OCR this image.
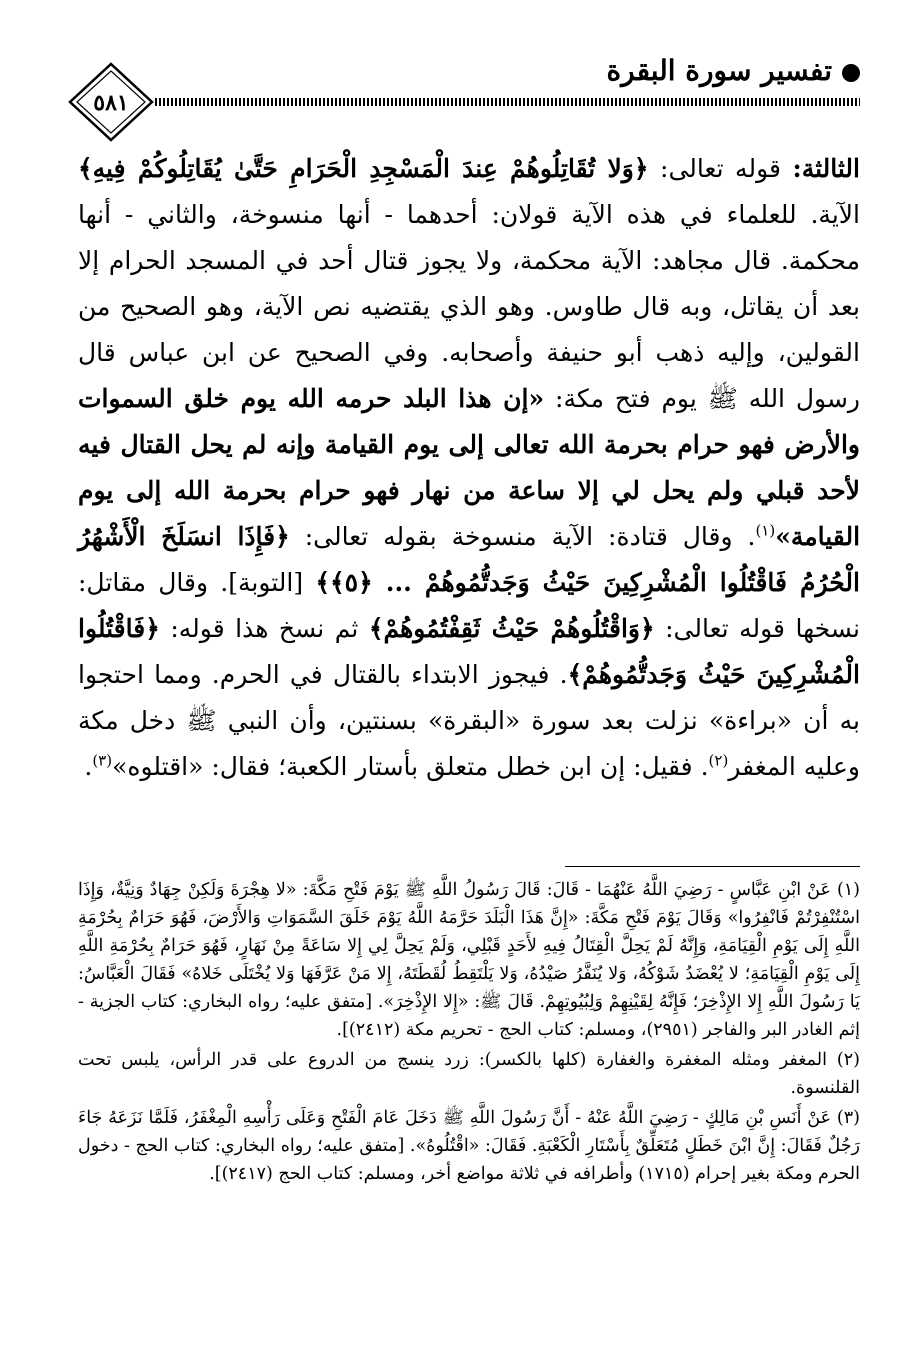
تفسير سورة البقرة
٥٨١

الثالثة: قوله تعالى: ﴿وَلا تُقَاتِلُوهُمْ عِندَ الْمَسْجِدِ الْحَرَامِ حَتَّىٰ يُقَاتِلُوكُمْ فِيهِ﴾ الآية. للعلماء في هذه الآية قولان: أحدهما - أنها منسوخة، والثاني - أنها محكمة. قال مجاهد: الآية محكمة، ولا يجوز قتال أحد في المسجد الحرام إلا بعد أن يقاتل، وبه قال طاوس. وهو الذي يقتضيه نص الآية، وهو الصحيح من القولين، وإليه ذهب أبو حنيفة وأصحابه. وفي الصحيح عن ابن عباس قال رسول الله ﷺ يوم فتح مكة: «إن هذا البلد حرمه الله يوم خلق السموات والأرض فهو حرام بحرمة الله تعالى إلى يوم القيامة وإنه لم يحل القتال فيه لأحد قبلي ولم يحل لي إلا ساعة من نهار فهو حرام بحرمة الله إلى يوم القيامة»$^{(١)}$. وقال قتادة: الآية منسوخة بقوله تعالى: ﴿فَإِذَا انسَلَخَ الْأَشْهُرُ الْحُرُمُ فَاقْتُلُوا الْمُشْرِكِينَ حَيْثُ وَجَدتُّمُوهُمْ ... ﴿٥﴾﴾ [التوبة]. وقال مقاتل: نسخها قوله تعالى: ﴿وَاقْتُلُوهُمْ حَيْثُ ثَقِفْتُمُوهُمْ﴾ ثم نسخ هذا قوله: ﴿فَاقْتُلُوا الْمُشْرِكِينَ حَيْثُ وَجَدتُّمُوهُمْ﴾. فيجوز الابتداء بالقتال في الحرم. ومما احتجوا به أن «براءة» نزلت بعد سورة «البقرة» بسنتين، وأن النبي ﷺ دخل مكة وعليه المغفر$^{(٢)}$. فقيل: إن ابن خطل متعلق بأستار الكعبة؛ فقال: «اقتلوه»$^{(٣)}$.

(١) عَنْ ابْنِ عَبَّاسٍ - رَضِيَ اللَّهُ عَنْهُمَا - قَالَ: قَالَ رَسُولُ اللَّهِ ﷺ يَوْمَ فَتْحِ مَكَّةَ: «لا هِجْرَةَ وَلَكِنْ جِهَادٌ وَنِيَّةٌ، وَإِذَا اسْتُنْفِرْتُمْ فَانْفِرُوا» وَقَالَ يَوْمَ فَتْحِ مَكَّةَ: «إِنَّ هَذَا الْبَلَدَ حَرَّمَهُ اللَّهُ يَوْمَ خَلَقَ السَّمَوَاتِ وَالأَرْضَ، فَهُوَ حَرَامٌ بِحُرْمَةِ اللَّهِ إِلَى يَوْمِ الْقِيَامَةِ، وَإِنَّهُ لَمْ يَحِلَّ الْقِتَالُ فِيهِ لأَحَدٍ قَبْلِي، وَلَمْ يَحِلَّ لِي إِلا سَاعَةً مِنْ نَهَارٍ، فَهُوَ حَرَامٌ بِحُرْمَةِ اللَّهِ إِلَى يَوْمِ الْقِيَامَةِ؛ لا يُعْضَدُ شَوْكُهُ، وَلا يُنَفَّرُ صَيْدُهُ، وَلا يَلْتَقِطُ لُقَطَتَهُ، إِلا مَنْ عَرَّفَهَا وَلا يُخْتَلَى خَلاهُ» فَقَالَ الْعَبَّاسُ: يَا رَسُولَ اللَّهِ إِلا الإِذْخِرَ؛ فَإِنَّهُ لِقَيْنِهِمْ وَلِبُيُوتِهِمْ. قَالَ ﷺ: «إِلا الإِذْخِرَ». [متفق عليه؛ رواه البخاري: كتاب الجزية - إثم الغادر البر والفاجر (٢٩٥١)، ومسلم: كتاب الحج - تحريم مكة (٢٤١٢)].

(٢) المغفر ومثله المغفرة والغفارة (كلها بالكسر): زرد ينسج من الدروع على قدر الرأس، يلبس تحت القلنسوة.

(٣) عَنْ أَنَسِ بْنِ مَالِكٍ - رَضِيَ اللَّهُ عَنْهُ - أَنَّ رَسُولَ اللَّهِ ﷺ دَخَلَ عَامَ الْفَتْحِ وَعَلَى رَأْسِهِ الْمِغْفَرُ، فَلَمَّا نَزَعَهُ جَاءَ رَجُلٌ فَقَالَ: إِنَّ ابْنَ خَطَلٍ مُتَعَلِّقٌ بِأَسْتَارِ الْكَعْبَةِ. فَقَالَ: «اقْتُلُوهُ». [متفق عليه؛ رواه البخاري: كتاب الحج - دخول الحرم ومكة بغير إحرام (١٧١٥) وأطرافه في ثلاثة مواضع أخر، ومسلم: كتاب الحج (٢٤١٧)].
